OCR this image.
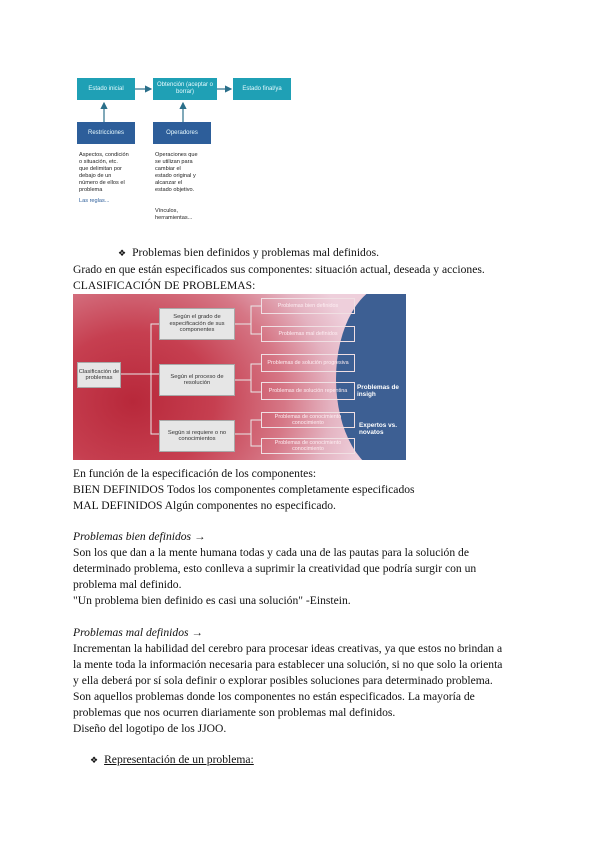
Estado inicial
Obtención (aceptar o borrar)
Estado final/ya
Restricciones	Operadores
Aspectos, condición
o situación, etc.
que delimitan por
debajo de un
número de ellos el
problema
Las reglas...
Operaciones que
se utilizan para
cambiar el
estado original y
alcanzar el
estado objetivo.
Vínculos,
herramientas...
❖ Problemas bien definidos y problemas mal definidos.
Grado en que están especificados sus componentes: situación actual, deseada y acciones.
CLASIFICACIÓN DE PROBLEMAS:
Clasificación de problemas
Según el grado de especificación de sus componentes
Según el proceso de resolución
Según si requiere o no conocimientos
Problemas bien definidos
Problemas mal definidos
Problemas de solución progresiva
Problemas de solución repentina
Problemas de conocimiento conocimiento
Problemas de conocimiento conocimiento
Problemas de insigh
Expertos vs. novatos
En función de la especificación de los componentes:
BIEN DEFINIDOS Todos los componentes completamente especificados
MAL DEFINIDOS Algún componentes no especificado.
Problemas bien definidos →
Son los que dan a la mente humana todas y cada una de las pautas para la solución de
determinado problema, esto conlleva a suprimir la creatividad que podría surgir con un
problema mal definido.
"Un problema bien definido es casi una solución" -Einstein.
Problemas mal definidos →
Incrementan la habilidad del cerebro para procesar ideas creativas, ya que estos no brindan a
la mente toda la información necesaria para establecer una solución, si no que solo la orienta
y ella deberá por sí sola definir o explorar posibles soluciones para determinado problema.
Son aquellos problemas donde los componentes no están especificados. La mayoría de
problemas que nos ocurren diariamente son problemas mal definidos.
Diseño del logotipo de los JJOO.
❖ Representación de un problema:
